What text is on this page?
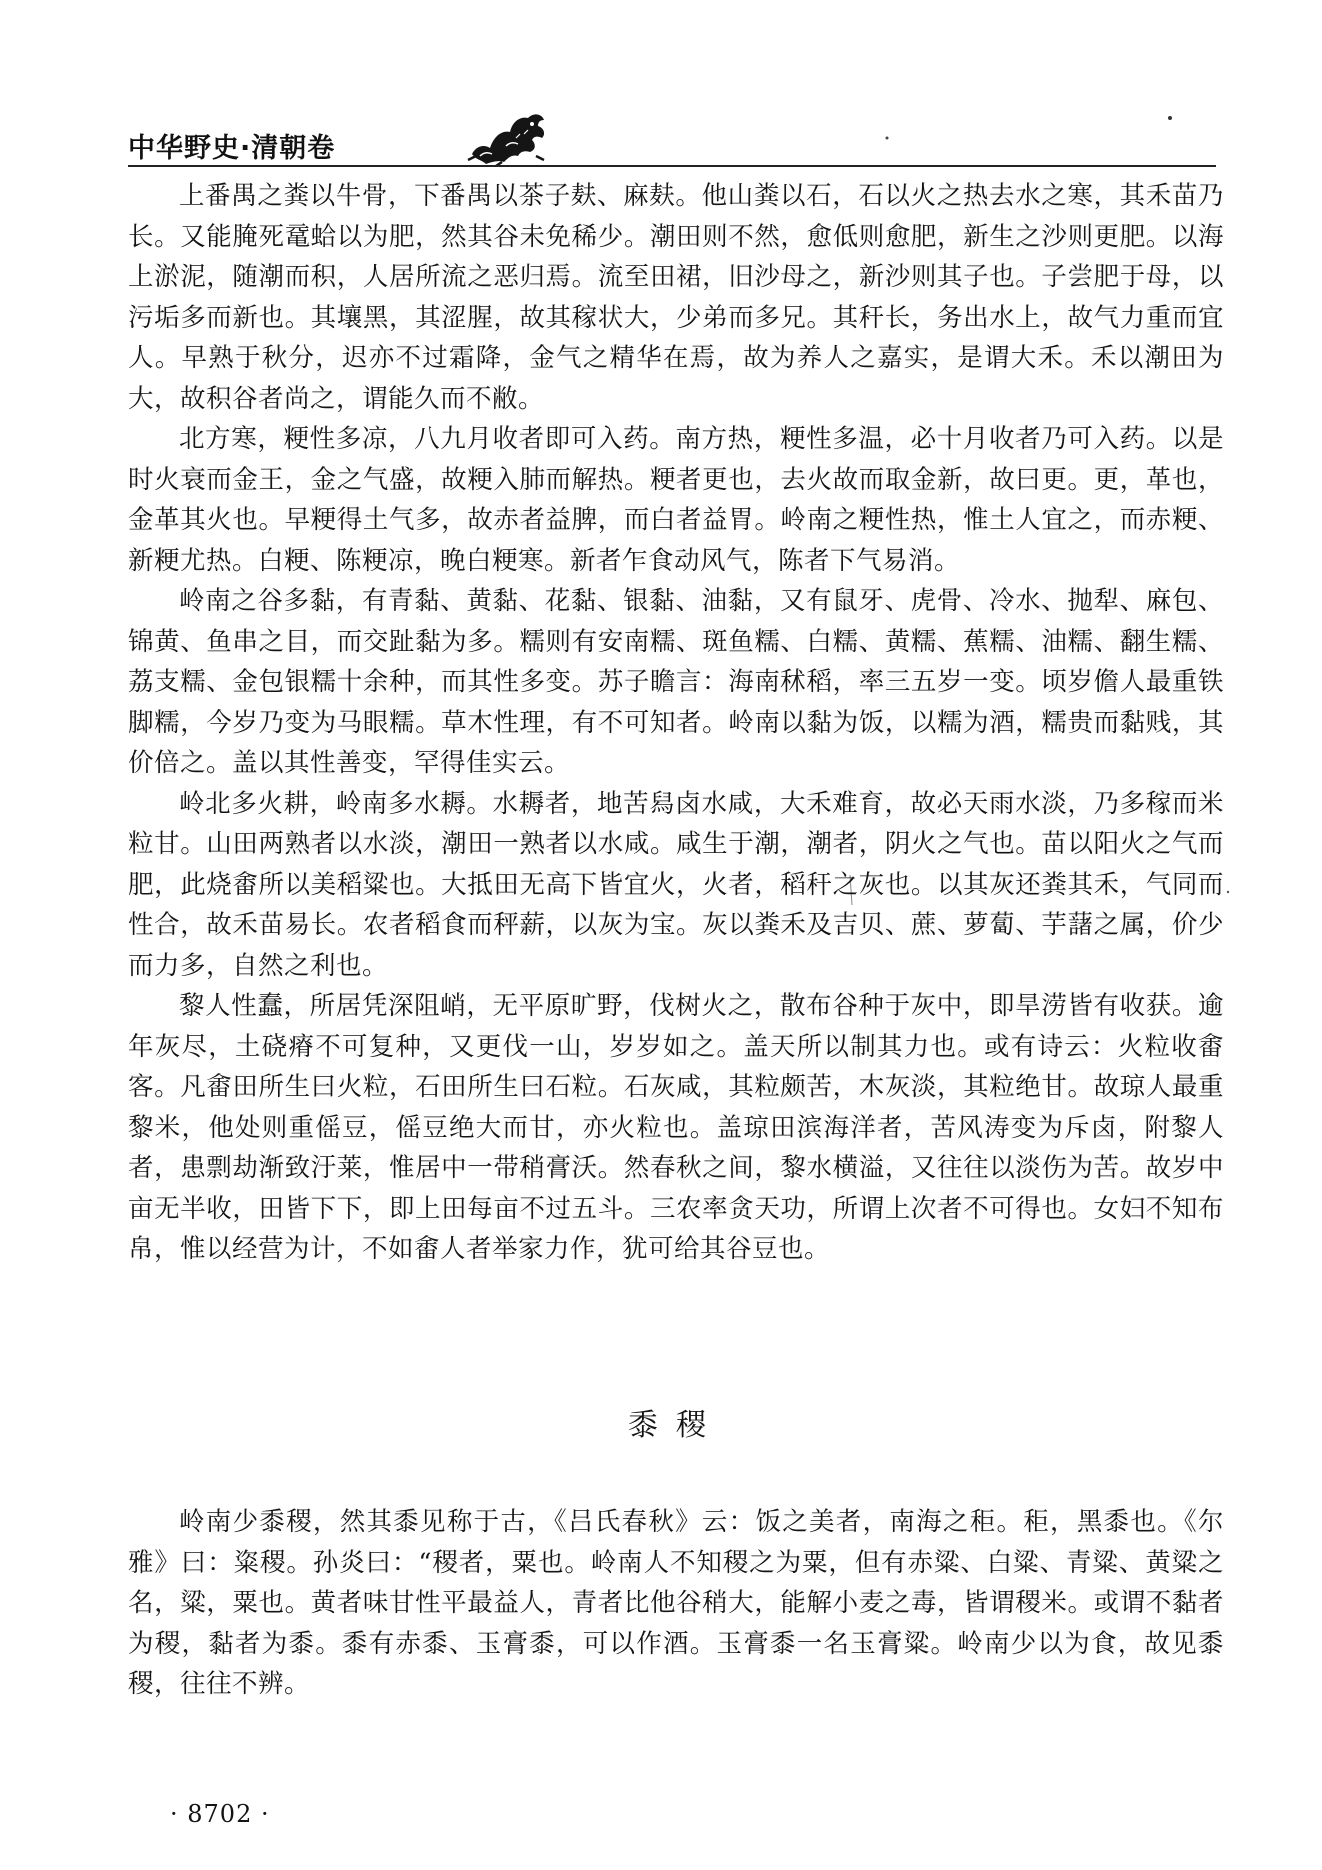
中华野史·清朝卷

上番禺之粪以牛骨，下番禺以茶子麸、麻麸。他山粪以石，石以火之热去水之寒，其禾苗乃长。又能腌死鼋蛤以为肥，然其谷未免稀少。潮田则不然，愈低则愈肥，新生之沙则更肥。以海上淤泥，随潮而积，人居所流之恶归焉。流至田裙，旧沙母之，新沙则其子也。子尝肥于母，以污垢多而新也。其壤黑，其涩腥，故其稼状大，少弟而多兄。其秆长，务出水上，故气力重而宜人。早熟于秋分，迟亦不过霜降，金气之精华在焉，故为养人之嘉实，是谓大禾。禾以潮田为大，故积谷者尚之，谓能久而不敝。

北方寒，粳性多凉，八九月收者即可入药。南方热，粳性多温，必十月收者乃可入药。以是时火衰而金王，金之气盛，故粳入肺而解热。粳者更也，去火故而取金新，故曰更。更，革也，金革其火也。早粳得土气多，故赤者益脾，而白者益胃。岭南之粳性热，惟土人宜之，而赤粳、新粳尤热。白粳、陈粳凉，晚白粳寒。新者乍食动风气，陈者下气易消。

岭南之谷多黏，有青黏、黄黏、花黏、银黏、油黏，又有鼠牙、虎骨、冷水、抛犁、麻包、锦黄、鱼串之目，而交趾黏为多。糯则有安南糯、斑鱼糯、白糯、黄糯、蕉糯、油糯、翻生糯、荔支糯、金包银糯十余种，而其性多变。苏子瞻言：海南秫稻，率三五岁一变。顷岁儋人最重铁脚糯，今岁乃变为马眼糯。草木性理，有不可知者。岭南以黏为饭，以糯为酒，糯贵而黏贱，其价倍之。盖以其性善变，罕得佳实云。

岭北多火耕，岭南多水耨。水耨者，地苦舄卤水咸，大禾难育，故必天雨水淡，乃多稼而米粒甘。山田两熟者以水淡，潮田一熟者以水咸。咸生于潮，潮者，阴火之气也。苗以阳火之气而肥，此烧畬所以美稻粱也。大抵田无高下皆宜火，火者，稻秆之灰也。以其灰还粪其禾，气同而性合，故禾苗易长。农者稻食而秤薪，以灰为宝。灰以粪禾及吉贝、蔗、萝蔔、芋藷之属，价少而力多，自然之利也。

黎人性蠢，所居凭深阻峭，无平原旷野，伐树火之，散布谷种于灰中，即旱涝皆有收获。逾年灰尽，土硗瘠不可复种，又更伐一山，岁岁如之。盖天所以制其力也。或有诗云：火粒收畬客。凡畬田所生曰火粒，石田所生曰石粒。石灰咸，其粒颇苦，木灰淡，其粒绝甘。故琼人最重黎米，他处则重傜豆，傜豆绝大而甘，亦火粒也。盖琼田滨海洋者，苦风涛变为斥卤，附黎人者，患剽劫渐致汙莱，惟居中一带稍膏沃。然春秋之间，黎水横溢，又往往以淡伤为苦。故岁中亩无半收，田皆下下，即上田每亩不过五斗。三农率贪天功，所谓上次者不可得也。女妇不知布帛，惟以经营为计，不如畬人者举家力作，犹可给其谷豆也。

黍稷

岭南少黍稷，然其黍见称于古，《吕氏春秋》云：饭之美者，南海之秬。秬，黑黍也。《尔雅》曰：粢稷。孙炎曰：“稷者，粟也。岭南人不知稷之为粟，但有赤粱、白粱、青粱、黄粱之名，粱，粟也。黄者味甘性平最益人，青者比他谷稍大，能解小麦之毒，皆谓稷米。或谓不黏者为稷，黏者为黍。黍有赤黍、玉膏黍，可以作酒。玉膏黍一名玉膏粱。岭南少以为食，故见黍稷，往往不辨。

· 8702 ·
